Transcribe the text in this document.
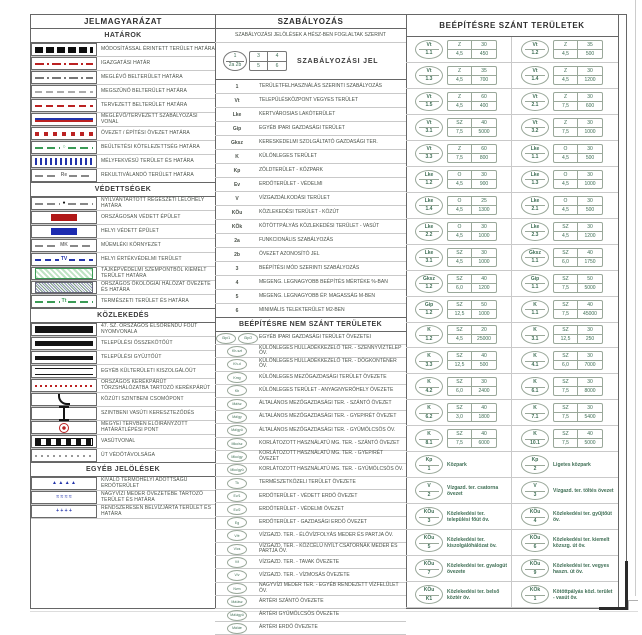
JELMAGYARÁZAT
HATÁROK
MÓDOSÍTÁSSAL ÉRINTETT TERÜLET HATÁRA
IGAZGATÁSI HATÁR
MEGLÉVŐ BELTERÜLET HATÁRA
MEGSZŰNŐ BELTERÜLET HATÁRA
TERVEZETT BELTERÜLET HATÁRA
MEGLÉVŐ/TERVEZETT SZABÁLYOZÁSI VONAL
ÖVEZET / ÉPÍTÉSI ÖVEZET HATÁRA
○	BEÜLTETÉSI KÖTELEZETTSÉG HATÁRA
MÉLYFEKVÉSŰ TERÜLET ÉS HATÁRA
Re	REKULTIVÁLANDÓ TERÜLET HATÁRA
VÉDETTSÉGEK
●	NYILVÁNTARTOTT RÉGÉSZETI LELŐHELY HATÁRA
ORSZÁGOSAN VÉDETT ÉPÜLET
HELYI VÉDETT ÉPÜLET
MK	MŰEMLÉKI KÖRNYEZET
TV	HELYI ÉRTÉKVÉDELMI TERÜLET
TÁJKÉPVÉDELMI SZEMPONTBÓL KIEMELT TERÜLET HATÁRA
ORSZÁGOS ÖKOLÓGIAI HÁLÓZAT ÖVEZETE ÉS HATÁRA
Tt	TERMÉSZETI TERÜLET ÉS HATÁRA
KÖZLEKEDÉS
47. SZ. ORSZÁGOS ELSŐRENDŰ FŐÚT NYOMVONALA
TELEPÜLÉSI ÖSSZEKÖTŐÚT
TELEPÜLÉSI GYŰJTŐÚT
EGYÉB KÜLTERÜLETI KISZOLGÁLÓÚT
ORSZÁGOS KERÉKPÁRÚT TÖRZSHÁLÓZATBA TARTOZÓ KERÉKPÁRÚT
KÖZÚTI SZINTBENI CSOMÓPONT
SZINTBENI VASÚTI KERESZTEZŐDÉS
MEGYEI TERVBEN ELŐIRÁNYZOTT HATÁRÁTLÉPÉSI PONT
VASÚTVONAL
ÚT VÉDŐTÁVOLSÁGA
EGYÉB JELÖLÉSEK
▲ ▲ ▲ ▲	KIVÁLÓ TERMŐHELYI ADOTTSÁGÚ ERDŐTERÜLET
≈ ≈ ≈ ≈	NAGYVÍZI MEDER ÖVEZETÉBE TARTOZÓ TERÜLET ÉS HATÁRA
+ + + +	RENDSZERESEN BELVÍZJÁRTA TERÜLET ÉS HATÁRA
SZABÁLYOZÁS
SZABÁLYOZÁSI JELÖLÉSEK A HÉSZ-BEN FOGLALTAK SZERINT
1
2a 2b
3	4
5	6
SZABÁLYOZÁSI JEL
1	TERÜLETFELHASZNÁLÁS SZERINTI SZABÁLYOZÁS
Vt	TELEPÜLÉSKÖZPONT VEGYES TERÜLET
Lke	KERTVÁROSIAS LAKÓTERÜLET
Gip	EGYÉB IPARI GAZDASÁGI TERÜLET
Gksz	KERESKEDELMI SZOLGÁLTATÓ GAZDASÁGI TER.
K	KÜLÖNLEGES TERÜLET
Kp	ZÖLDTERÜLET - KÖZPARK
Ev	ERDŐTERÜLET - VÉDELMI
V	VÍZGAZDÁLKODÁSI TERÜLET
KÖu	KÖZLEKEDÉSI TERÜLET - KÖZÚT
KÖk	KÖTÖTTPÁLYÁS KÖZLEKEDÉSI TERÜLET - VASÚT
2a	FUNKCIONÁLIS SZABÁLYOZÁS
2b	ÖVEZET AZONOSÍTÓ JEL
3	BEÉPÍTÉSI MÓD SZERINTI SZABÁLYOZÁS
4	MEGENG. LEGNAGYOBB BEÉPÍTÉS MÉRTÉKE %-BAN
5	MEGENG. LEGNAGYOBB ÉP. MAGASSÁG M-BEN
6	MINIMÁLIS TELEKTERÜLET M2-BEN
BEÉPÍTÉSRE NEM SZÁNT TERÜLETEK
Gip/1	Gip/2	EGYÉB IPARI GAZDASÁGI TERÜLET ÖVEZETEI
Kh-szt
KÜLÖNLEGES HULLADÉKKEZELŐ TER. - SZENNYVÍZTELEP ÖV.
Kh-d
KÜLÖNLEGES HULLADÉKKEZELŐ TER. - DÖGKONTÉNER ÖV.
Kmg	KÜLÖNLEGES MEZŐGAZDASÁGI TERÜLET ÖVEZETE
Kb	KÜLÖNLEGES TERÜLET - ANYAGNYERŐHELY ÖVEZETE
Má/sz	ÁLTALÁNOS MEZŐGAZDASÁGI TER. - SZÁNTÓ ÖVEZET
Má/gy	ÁLTALÁNOS MEZŐGAZDASÁGI TER. - GYEP/RÉT ÖVEZET
Má/gyü	ÁLTALÁNOS MEZŐGAZDASÁGI TER. - GYÜMÖLCSÖS ÖV.
Mko/sz	KORLÁTOZOTT HASZNÁLATÚ MG. TER. - SZÁNTÓ ÖVEZET
Mko/gy
KORLÁTOZOTT HASZNÁLATÚ MG. TER. - GYEP/RÉT ÖVEZET
Mko/gyü	KORLÁTOZOTT HASZNÁLATÚ MG. TER. - GYÜMÖLCSÖS ÖV.
Tk	TERMÉSZETKÖZELI TERÜLET ÖVEZETE
Ev/1	ERDŐTERÜLET - VÉDETT ERDŐ ÖVEZET
Ev/2	ERDŐTERÜLET - VÉDELMI ÖVEZET
Eg	ERDŐTERÜLET - GAZDASÁGI ERDŐ ÖVEZET
V/é	VÍZGAZD. TER. - ÉLŐVÍZFOLYÁS MEDER ÉS PARTJA ÖV.
V/cs
VÍZGAZD. TER. - KÖZCÉLÚ NYÍLT CSATORNÁK MEDER ÉS PARTJA ÖV.
V/t	VÍZGAZD. TER. - TAVAK ÖVEZETE
V/v	VÍZGAZD. TER. - VÍZMOSÁS ÖVEZETE
Nvm
NAGYVÍZI MEDER TER. - EGYÉB RENDEZETT VÍZFELÜLET ÖV.
Má/ász	ÁRTÉRI SZÁNTÓ ÖVEZETE
Má/ágyü	ÁRTÉRI GYÜMÖLCSÖS ÖVEZETE
Má/áe	ÁRTÉRI ERDŐ ÖVEZETE
BEÉPÍTÉSRE SZÁNT TERÜLETEK
Vt
1.1
Z	30
4,5	450
Vt
1.2
Z	35
4,5	500
Vt
1.3
Z	35
4,5	700
Vt
1.4
Z	30
4,5	1200
Vt
1.5
Z	60
4,5	400
Vt
2.1
Z	30
7,5	600
Vt
3.1
SZ	40
7,5	5000
Vt
3.2
Z	30
7,5	1000
Vt
3.3
Z	60
7,5	800
Lke
1.1
O	30
4,5	500
Lke
1.2
O	30
4,5	900
Lke
1.3
O	30
4,5	1000
Lke
1.4
O	25
4,5	1300
Lke
2.1
O	30
4,5	500
Lke
2.2
O	30
4,5	1000
Lke
2.3
SZ	30
4,5	1200
Lke
3.1
SZ	30
4,5	1000
Gksz
1.1
SZ	40
6,0	1750
Gksz
1.2
SZ	40
6,0	1200
Gip
1.1
SZ	50
7,5	5000
Gip
1.2
SZ	50
12,5	1000
K
1.1
SZ	40
7,5	45000
K
1.2
SZ	20
4,5	25000
K
3.1
SZ	30
12,5	250
K
3.3
SZ	40
12,5	500
K
4.1
SZ	30
6,0	7000
K
4.2
SZ	30
6,0	2400
K
6.1
SZ	30
7,5	8000
K
6.2
SZ	40
3,0	1800
K
7.1
SZ	30
7,5	5400
K
8.1
SZ	40
7,5	6000
K
10.1
SZ	40
7,5	5000
Kp
1
Közpark
Kp
2
Ligetes közpark
V
2
Vízgazd. ter. csatorna övezet
V
3
Vízgazd. ter. töltés övezet
KÖu
3
Közlekedési ter. települési főút öv.
KÖu
4
Közlekedési ter. gyűjtőút öv.
KÖu
5
Közlekedési ter. kiszolgálóhálózat öv.
KÖu
6
Közlekedési ter. kiemelt közszg. út öv.
KÖu
7
Közlekedési ter. gyalogút övezete
KÖu
9
Közlekedési ter. vegyes haszn. út öv.
KÖu
K1
Közlekedési ter. belső köztér öv.
KÖk
1
Kötöttpályás közl. terület - vasút öv.
